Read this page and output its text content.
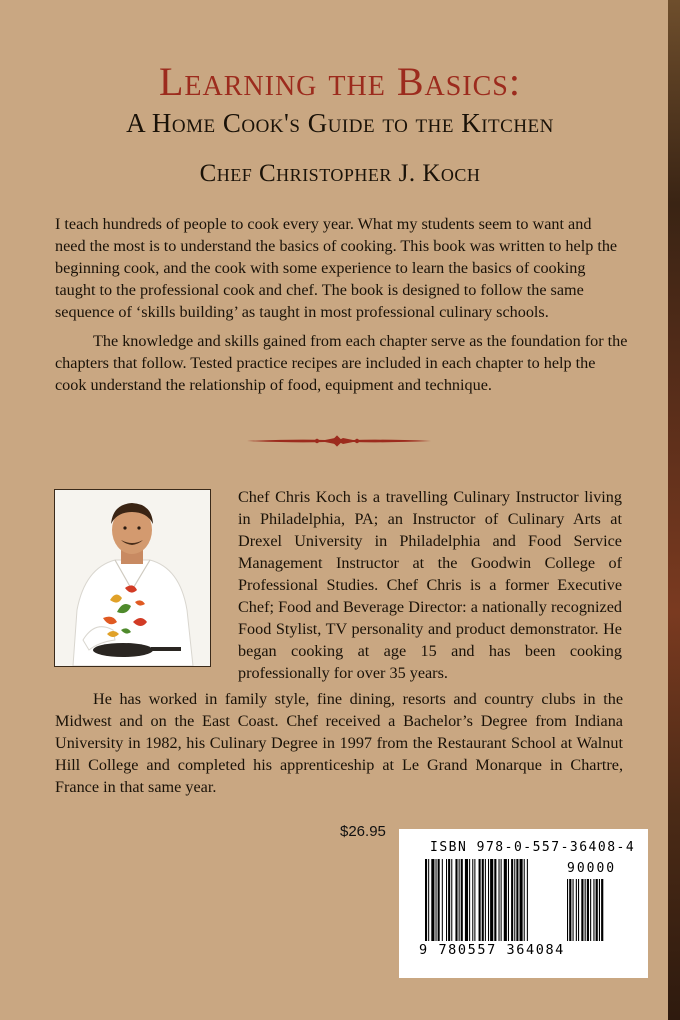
Learning the Basics:
A Home Cook's Guide to the Kitchen
Chef Christopher J. Koch

I teach hundreds of people to cook every year. What my students seem to want and need the most is to understand the basics of cooking. This book was written to help the beginning cook, and the cook with some experience to learn the basics of cooking taught to the professional cook and chef. The book is designed to follow the same sequence of ‘skills building’ as taught in most professional culinary schools.

The knowledge and skills gained from each chapter serve as the foundation for the chapters that follow. Tested practice recipes are included in each chapter to help the cook understand the relationship of food, equipment and technique.

Chef Chris Koch is a travelling Culinary Instructor living in Philadelphia, PA; an Instructor of Culinary Arts at Drexel University in Philadelphia and Food Service Management Instructor at the Goodwin College of Professional Studies. Chef Chris is a former Executive Chef; Food and Beverage Director: a nationally recognized Food Stylist, TV personality and product demonstrator. He began cooking at age 15 and has been cooking professionally for over 35 years.

He has worked in family style, fine dining, resorts and country clubs in the Midwest and on the East Coast. Chef received a Bachelor’s Degree from Indiana University in 1982, his Culinary Degree in 1997 from the Restaurant School at Walnut Hill College and completed his apprenticeship at Le Grand Monarque in Chartre, France in that same year.

$26.95
ISBN 978-0-557-36408-4
90000
9 780557 364084
